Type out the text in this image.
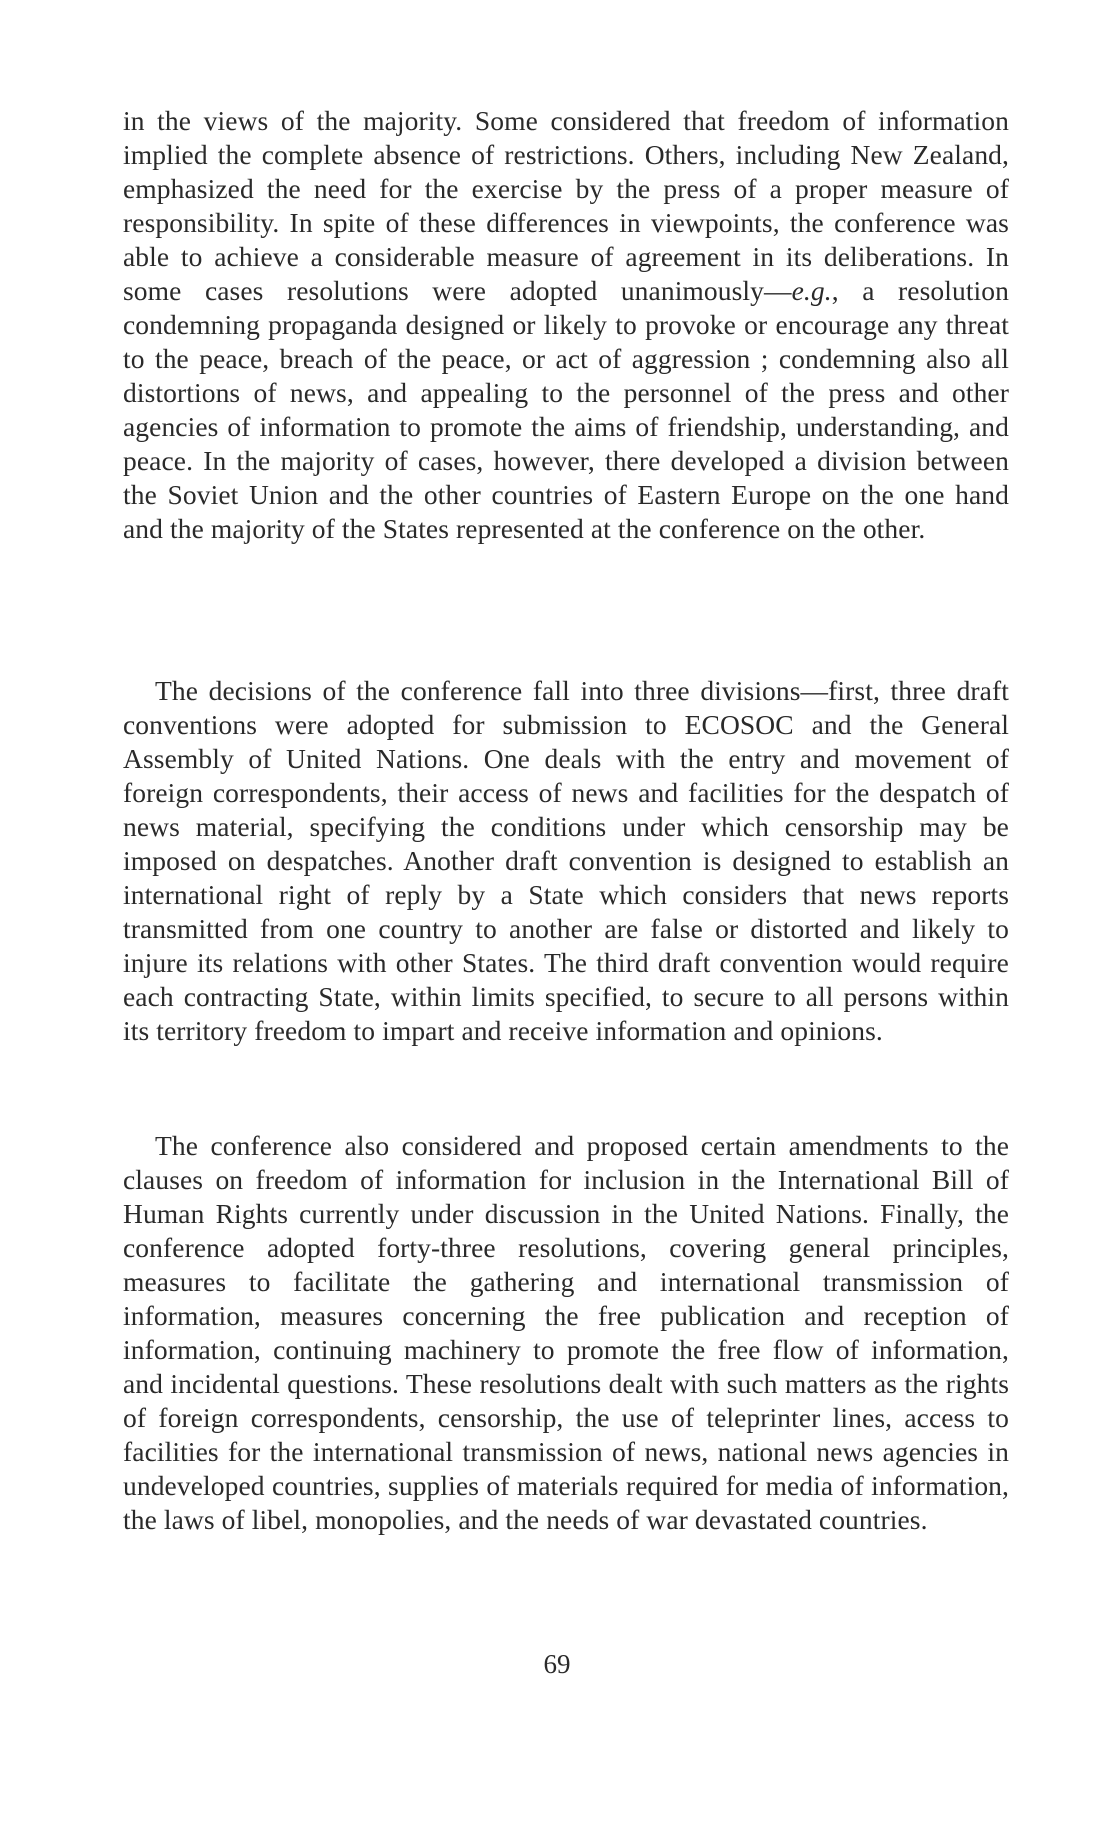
in the views of the majority. Some considered that freedom of information implied the complete absence of restrictions. Others, including New Zealand, emphasized the need for the exercise by the press of a proper measure of responsibility. In spite of these differences in viewpoints, the conference was able to achieve a considerable measure of agreement in its deliberations. In some cases resolutions were adopted unanimously—e.g., a resolution condemning propaganda designed or likely to provoke or encourage any threat to the peace, breach of the peace, or act of aggression ; condemning also all distortions of news, and appealing to the personnel of the press and other agencies of information to promote the aims of friendship, understanding, and peace. In the majority of cases, however, there developed a division between the Soviet Union and the other countries of Eastern Europe on the one hand and the majority of the States represented at the conference on the other.

The decisions of the conference fall into three divisions—first, three draft conventions were adopted for submission to ECOSOC and the General Assembly of United Nations. One deals with the entry and movement of foreign correspondents, their access of news and facilities for the despatch of news material, specifying the conditions under which censorship may be imposed on despatches. Another draft convention is designed to establish an international right of reply by a State which considers that news reports transmitted from one country to another are false or distorted and likely to injure its relations with other States. The third draft convention would require each contracting State, within limits specified, to secure to all persons within its territory freedom to impart and receive information and opinions.

The conference also considered and proposed certain amendments to the clauses on freedom of information for inclusion in the International Bill of Human Rights currently under discussion in the United Nations. Finally, the conference adopted forty-three resolutions, covering general principles, measures to facilitate the gathering and international transmission of information, measures concerning the free publication and reception of information, continuing machinery to promote the free flow of information, and incidental questions. These resolutions dealt with such matters as the rights of foreign correspondents, censorship, the use of teleprinter lines, access to facilities for the international transmission of news, national news agencies in undeveloped countries, supplies of materials required for media of information, the laws of libel, monopolies, and the needs of war devastated countries.

69
